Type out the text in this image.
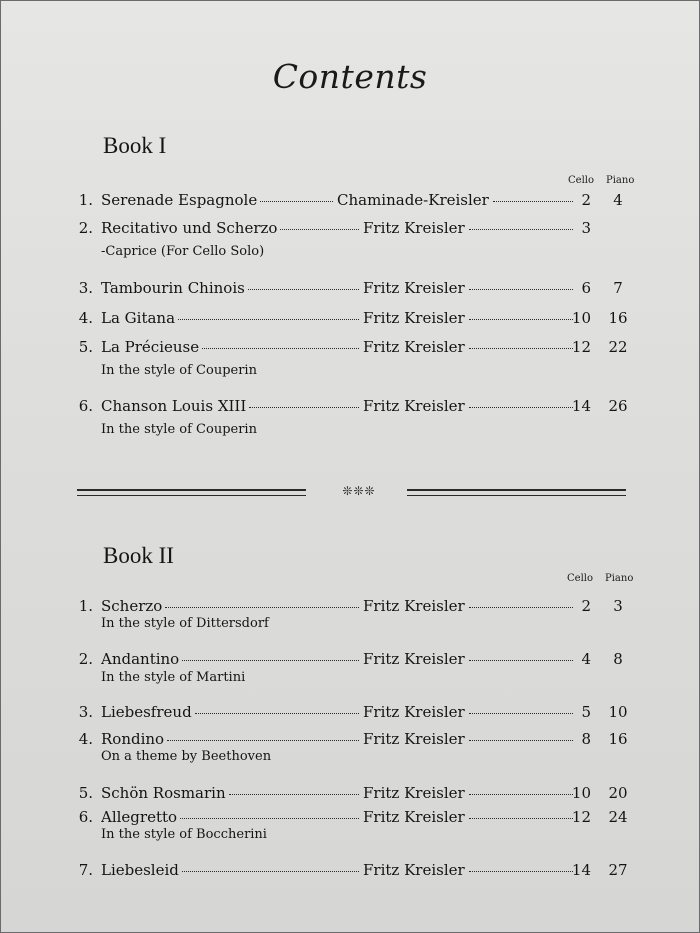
Contents
Book I
Cello Piano
1. Serenade Espagnole	Chaminade-Kreisler	2	4
2. Recitativo und Scherzo	Fritz Kreisler	3
-Caprice (For Cello Solo)
3. Tambourin Chinois	Fritz Kreisler	6	7
4. La Gitana	Fritz Kreisler	10	16
5. La Précieuse	Fritz Kreisler	12	22
In the style of Couperin
6. Chanson Louis XIII	Fritz Kreisler	14	26
In the style of Couperin
❊❊❊
Book II
Cello Piano
1. Scherzo	Fritz Kreisler	2	3
In the style of Dittersdorf
2. Andantino	Fritz Kreisler	4	8
In the style of Martini
3. Liebesfreud	Fritz Kreisler	5	10
4. Rondino	Fritz Kreisler	8	16
On a theme by Beethoven
5. Schön Rosmarin	Fritz Kreisler	10	20
6. Allegretto	Fritz Kreisler	12	24
In the style of Boccherini
7. Liebesleid	Fritz Kreisler	14	27
